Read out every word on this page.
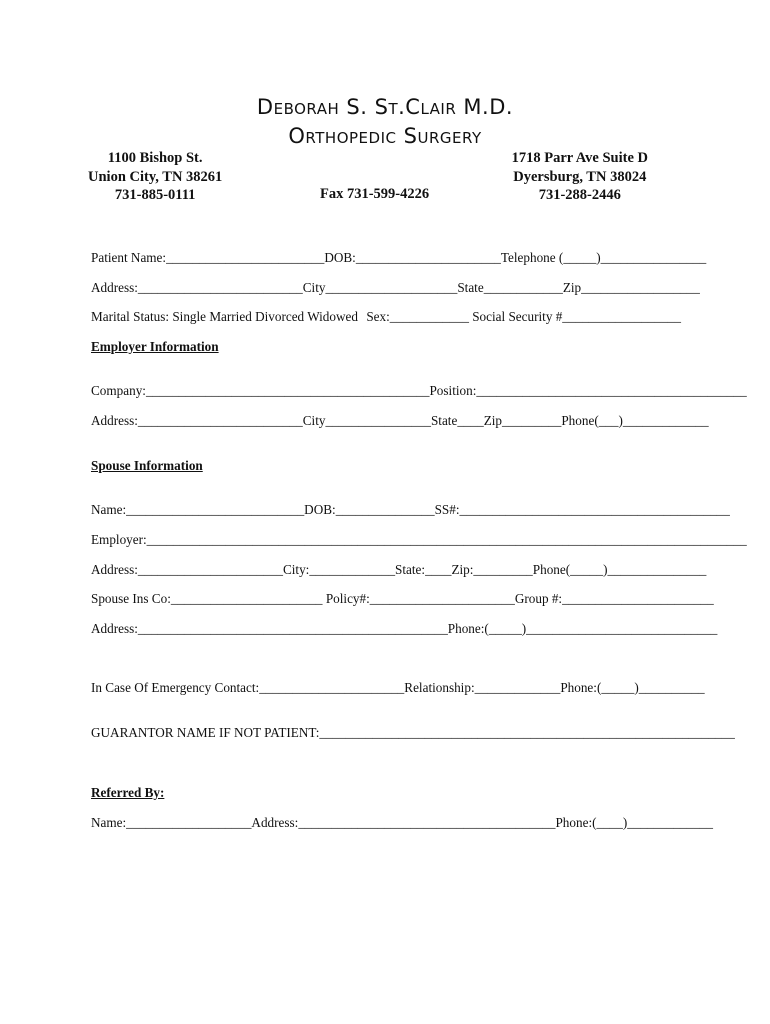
Deborah S. St.Clair M.D.
Orthopedic Surgery
1100 Bishop St.
Union City, TN 38261
731-885-0111
1718 Parr Ave Suite D
Dyersburg, TN 38024
731-288-2446
Fax 731-599-4226
Patient Name:________________________DOB:______________________Telephone (_____)________________
Address:_________________________City____________________State____________Zip__________________
Marital Status: Single Married Divorced Widowed Sex:____________ Social Security #__________________
Employer Information
Company:___________________________________________Position:_________________________________________
Address:_________________________City________________State____Zip_________Phone(___)_____________
Spouse Information
Name:___________________________DOB:_______________SS#:_________________________________________
Employer:___________________________________________________________________________________________
Address:______________________City:_____________State:____Zip:_________Phone(_____)_______________
Spouse Ins Co:_______________________ Policy#:______________________Group #:_______________________
Address:_______________________________________________Phone:(_____)_____________________________
In Case Of Emergency Contact:______________________Relationship:_____________Phone:(_____)__________
GUARANTOR NAME IF NOT PATIENT:_______________________________________________________________
Referred By:
Name:___________________Address:_______________________________________Phone:(____)_____________
